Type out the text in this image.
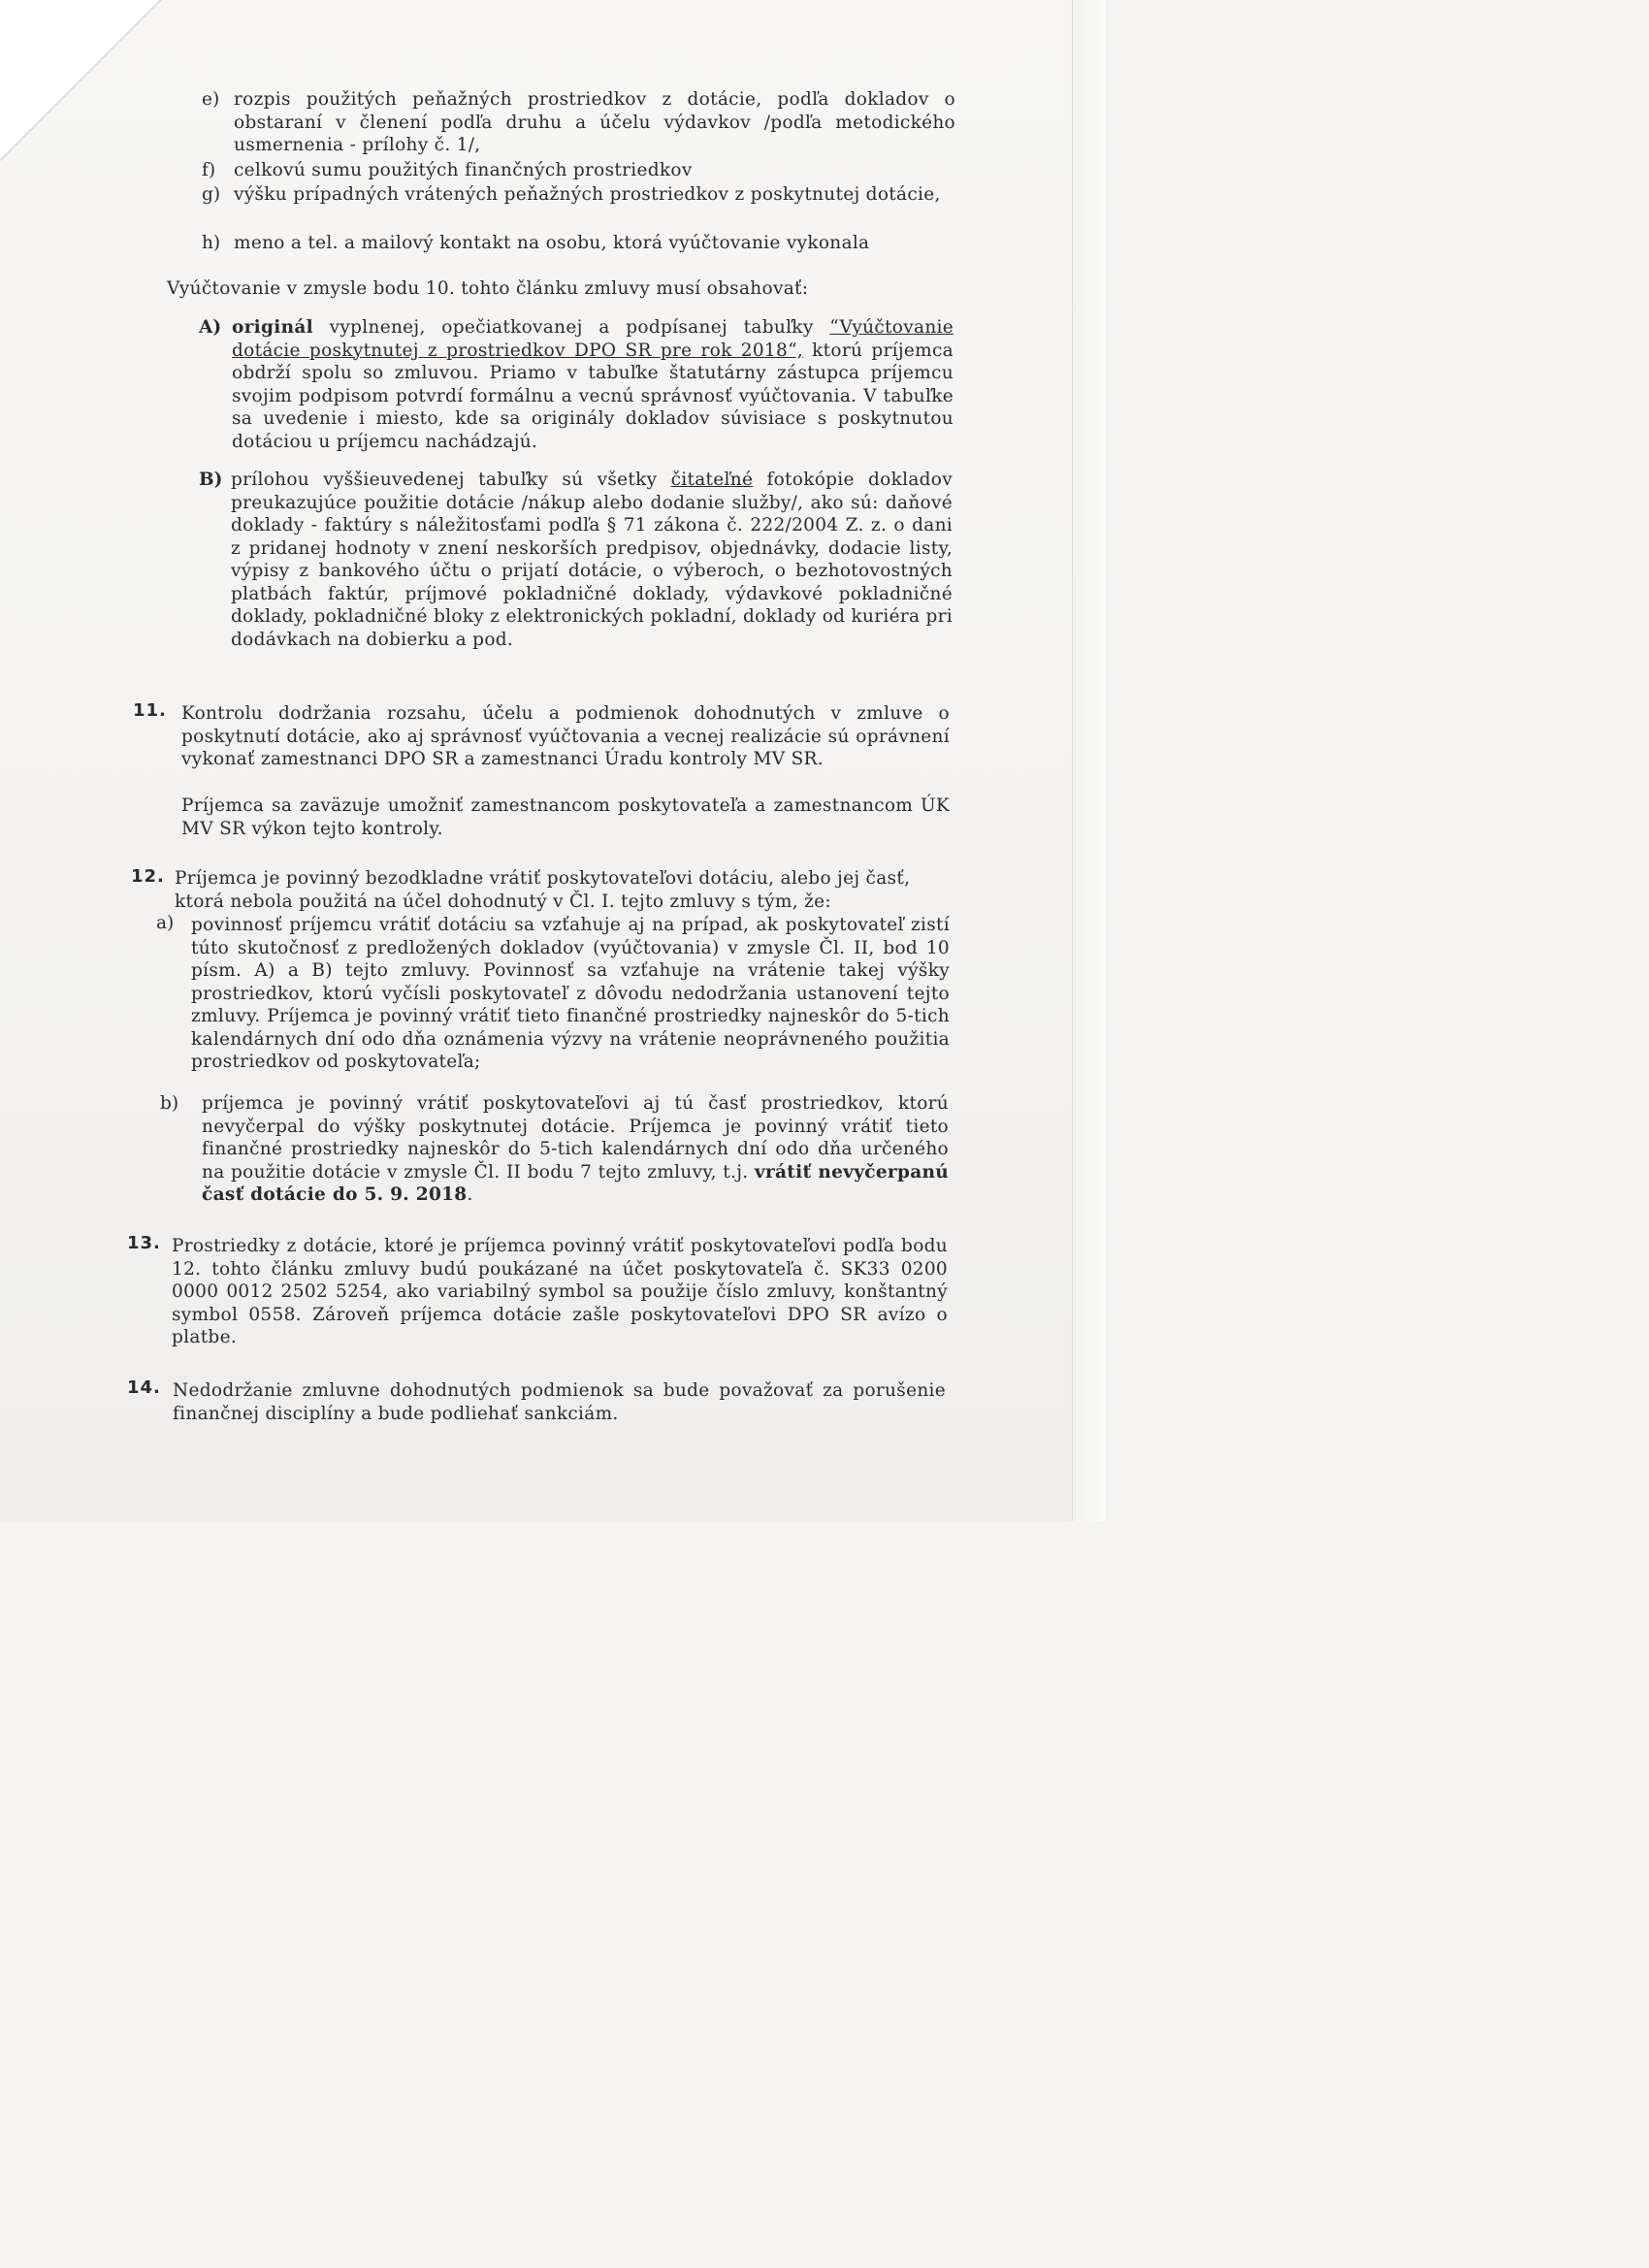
e) rozpis použitých peňažných prostriedkov z dotácie, podľa dokladov o obstaraní v členení podľa druhu a účelu výdavkov /podľa metodického usmernenia - prílohy č. 1/,
f) celkovú sumu použitých finančných prostriedkov
g) výšku prípadných vrátených peňažných prostriedkov z poskytnutej dotácie,
h) meno a tel. a mailový kontakt na osobu, ktorá vyúčtovanie vykonala
Vyúčtovanie v zmysle bodu 10. tohto článku zmluvy musí obsahovať:
A) originál vyplnenej, opečiatkovanej a podpísanej tabuľky “Vyúčtovanie dotácie poskytnutej z prostriedkov DPO SR pre rok 2018“, ktorú príjemca obdrží spolu so zmluvou. Priamo v tabuľke štatutárny zástupca príjemcu svojim podpisom potvrdí formálnu a vecnú správnosť vyúčtovania. V tabuľke sa uvedenie i miesto, kde sa originály dokladov súvisiace s poskytnutou dotáciou u príjemcu nachádzajú.
B) prílohou vyššieuvedenej tabuľky sú všetky čitateľné fotokópie dokladov preukazujúce použitie dotácie /nákup alebo dodanie služby/, ako sú: daňové doklady - faktúry s náležitosťami podľa § 71 zákona č. 222/2004 Z. z. o dani z pridanej hodnoty v znení neskorších predpisov, objednávky, dodacie listy, výpisy z bankového účtu o prijatí dotácie, o výberoch, o bezhotovostných platbách faktúr, príjmové pokladničné doklady, výdavkové pokladničné doklady, pokladničné bloky z elektronických pokladní, doklady od kuriéra pri dodávkach na dobierku a pod.
11. Kontrolu dodržania rozsahu, účelu a podmienok dohodnutých v zmluve o poskytnutí dotácie, ako aj správnosť vyúčtovania a vecnej realizácie sú oprávnení vykonať zamestnanci DPO SR a zamestnanci Úradu kontroly MV SR.
Príjemca sa zaväzuje umožniť zamestnancom poskytovateľa a zamestnancom ÚK MV SR výkon tejto kontroly.
12. Príjemca je povinný bezodkladne vrátiť poskytovateľovi dotáciu, alebo jej časť, ktorá nebola použitá na účel dohodnutý v Čl. I. tejto zmluvy s tým, že:
a) povinnosť príjemcu vrátiť dotáciu sa vzťahuje aj na prípad, ak poskytovateľ zistí túto skutočnosť z predložených dokladov (vyúčtovania) v zmysle Čl. II, bod 10 písm. A) a B) tejto zmluvy. Povinnosť sa vzťahuje na vrátenie takej výšky prostriedkov, ktorú vyčísli poskytovateľ z dôvodu nedodržania ustanovení tejto zmluvy. Príjemca je povinný vrátiť tieto finančné prostriedky najneskôr do 5-tich kalendárnych dní odo dňa oznámenia výzvy na vrátenie neoprávneného použitia prostriedkov od poskytovateľa;
b) príjemca je povinný vrátiť poskytovateľovi aj tú časť prostriedkov, ktorú nevyčerpal do výšky poskytnutej dotácie. Príjemca je povinný vrátiť tieto finančné prostriedky najneskôr do 5-tich kalendárnych dní odo dňa určeného na použitie dotácie v zmysle Čl. II bodu 7 tejto zmluvy, t.j. vrátiť nevyčerpanú časť dotácie do 5. 9. 2018.
13. Prostriedky z dotácie, ktoré je príjemca povinný vrátiť poskytovateľovi podľa bodu 12. tohto článku zmluvy budú poukázané na účet poskytovateľa č. SK33 0200 0000 0012 2502 5254, ako variabilný symbol sa použije číslo zmluvy, konštantný symbol 0558. Zároveň príjemca dotácie zašle poskytovateľovi DPO SR avízo o platbe.
14. Nedodržanie zmluvne dohodnutých podmienok sa bude považovať za porušenie finančnej disciplíny a bude podliehať sankciám.
